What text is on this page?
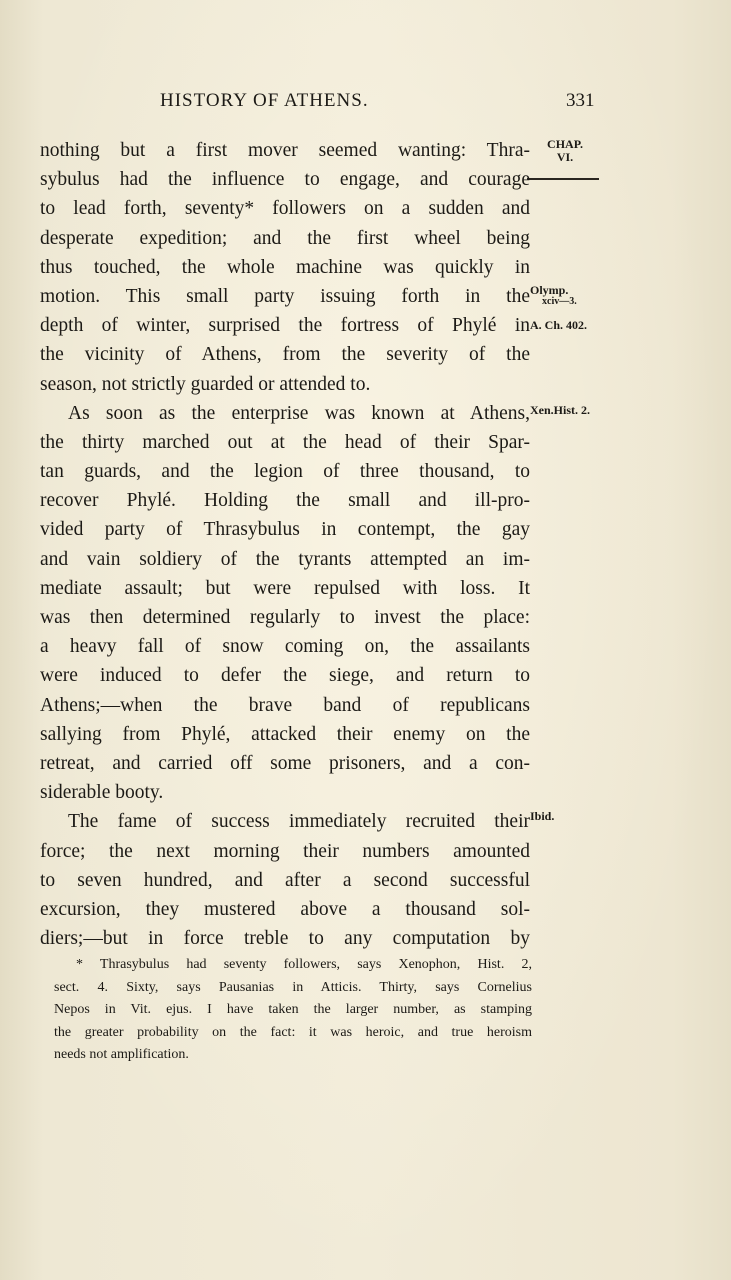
HISTORY OF ATHENS.	331
CHAP.
VI.
Olymp.
xciv—3.
A. Ch. 402.
Xen.Hist. 2.
Ibid.
nothing but a first mover seemed wanting: Thra-
sybulus had the influence to engage, and courage
to lead forth, seventy* followers on a sudden and
desperate expedition; and the first wheel being
thus touched, the whole machine was quickly in
motion. This small party issuing forth in the
depth of winter, surprised the fortress of Phylé in
the vicinity of Athens, from the severity of the
season, not strictly guarded or attended to.
As soon as the enterprise was known at Athens,
the thirty marched out at the head of their Spar-
tan guards, and the legion of three thousand, to
recover Phylé. Holding the small and ill-pro-
vided party of Thrasybulus in contempt, the gay
and vain soldiery of the tyrants attempted an im-
mediate assault; but were repulsed with loss. It
was then determined regularly to invest the place:
a heavy fall of snow coming on, the assailants
were induced to defer the siege, and return to
Athens;—when the brave band of republicans
sallying from Phylé, attacked their enemy on the
retreat, and carried off some prisoners, and a con-
siderable booty.
The fame of success immediately recruited their
force; the next morning their numbers amounted
to seven hundred, and after a second successful
excursion, they mustered above a thousand sol-
diers;—but in force treble to any computation by
* Thrasybulus had seventy followers, says Xenophon, Hist. 2,
sect. 4. Sixty, says Pausanias in Atticis. Thirty, says Cornelius
Nepos in Vit. ejus. I have taken the larger number, as stamping
the greater probability on the fact: it was heroic, and true heroism
needs not amplification.
